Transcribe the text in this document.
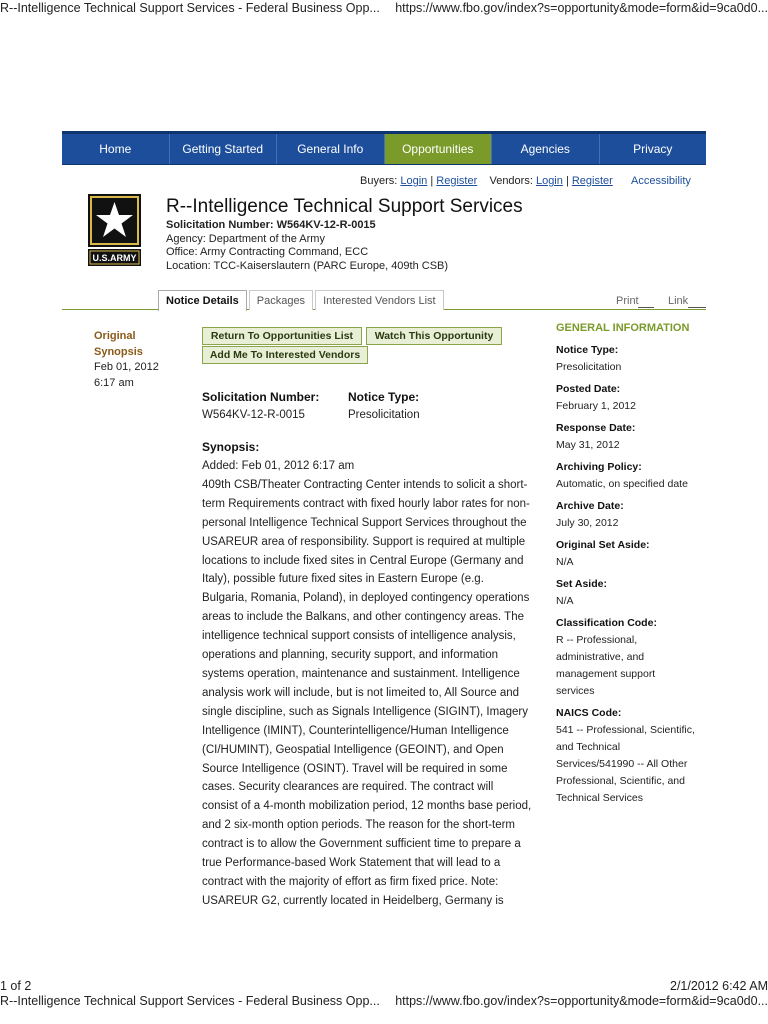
R--Intelligence Technical Support Services - Federal Business Opp... https://www.fbo.gov/index?s=opportunity&mode=form&id=9ca0d0...
Home	Getting Started	General Info	Opportunities	Agencies	Privacy
Buyers: Login | Register Vendors: Login | Register Accessibility
U.S.ARMY
R--Intelligence Technical Support Services
Solicitation Number: W564KV-12-R-0015
Agency: Department of the Army
Office: Army Contracting Command, ECC
Location: TCC-Kaiserslautern (PARC Europe, 409th CSB)
Notice Details	Packages	Interested Vendors List	Print	Link
Original Synopsis
Feb 01, 2012
6:17 am
Return To Opportunities List	Watch This Opportunity
Add Me To Interested Vendors
Solicitation Number:
W564KV-12-R-0015
Notice Type:
Presolicitation
Synopsis:
Added: Feb 01, 2012 6:17 am
409th CSB/Theater Contracting Center intends to solicit a short-term Requirements contract with fixed hourly labor rates for non-personal Intelligence Technical Support Services throughout the USAREUR area of responsibility. Support is required at multiple locations to include fixed sites in Central Europe (Germany and Italy), possible future fixed sites in Eastern Europe (e.g. Bulgaria, Romania, Poland), in deployed contingency operations areas to include the Balkans, and other contingency areas. The intelligence technical support consists of intelligence analysis, operations and planning, security support, and information systems operation, maintenance and sustainment. Intelligence analysis work will include, but is not limeited to, All Source and single discipline, such as Signals Intelligence (SIGINT), Imagery Intelligence (IMINT), Counterintelligence/Human Intelligence (CI/HUMINT), Geospatial Intelligence (GEOINT), and Open Source Intelligence (OSINT). Travel will be required in some cases. Security clearances are required. The contract will consist of a 4-month mobilization period, 12 months base period, and 2 six-month option periods. The reason for the short-term contract is to allow the Government sufficient time to prepare a true Performance-based Work Statement that will lead to a contract with the majority of effort as firm fixed price. Note: USAREUR G2, currently located in Heidelberg, Germany is
GENERAL INFORMATION
Notice Type:
Presolicitation
Posted Date:
February 1, 2012
Response Date:
May 31, 2012
Archiving Policy:
Automatic, on specified date
Archive Date:
July 30, 2012
Original Set Aside:
N/A
Set Aside:
N/A
Classification Code:
R -- Professional, administrative, and management support services
NAICS Code:
541 -- Professional, Scientific, and Technical Services/541990 -- All Other Professional, Scientific, and Technical Services
1 of 2	2/1/2012 6:42 AM
R--Intelligence Technical Support Services - Federal Business Opp... https://www.fbo.gov/index?s=opportunity&mode=form&id=9ca0d0...
